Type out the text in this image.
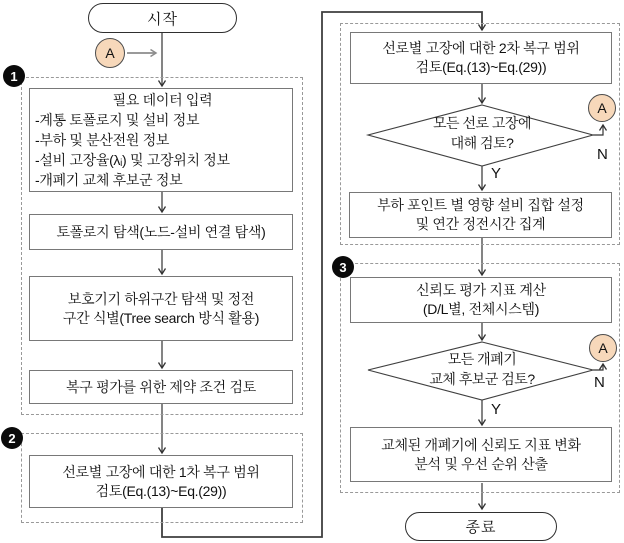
1
2
3
시작
종료
A
A
A
필요 데이터 입력
-계통 토폴로지 및 설비 정보
-부하 및 분산전원 정보
-설비 고장율(λᵢ) 및 고장위치 정보
-개폐기 교체 후보군 정보
토폴로지 탐색(노드-설비 연결 탐색)
보호기기 하위구간 탐색 및 정전
구간 식별(Tree search 방식 활용)
복구 평가를 위한 제약 조건 검토
선로별 고장에 대한 1차 복구 범위
검토(Eq.(13)~Eq.(29))
선로별 고장에 대한 2차 복구 범위
검토(Eq.(13)~Eq.(29))
부하 포인트 별 영향 설비 집합 설정
및 연간 정전시간 집계
신뢰도 평가 지표 계산
(D/L별, 전체시스템)
교체된 개폐기에 신뢰도 지표 변화
분석 및 우선 순위 산출
모든 선로 고장에
대해 검토?
모든 개폐기
교체 후보군 검토?
Y
N
Y
N
